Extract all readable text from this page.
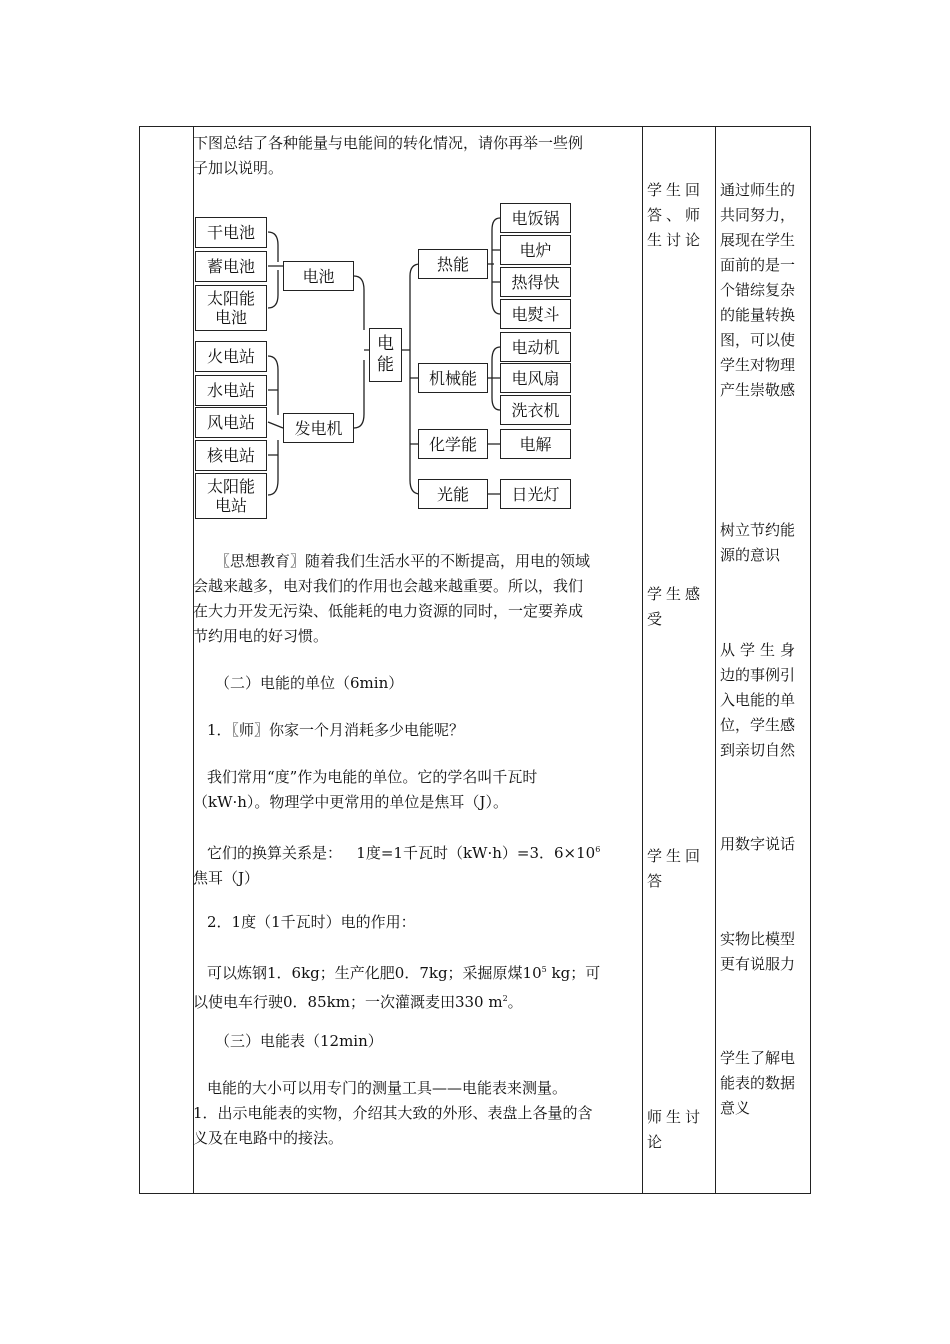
下图总结了各种能量与电能间的转化情况，请你再举一些例
子加以说明。
干电池
蓄电池
太阳能
电池
火电站
水电站
风电站
核电站
太阳能
电站
电池
发电机
电
能
热能
机械能
化学能
光能
电饭锅
电炉
热得快
电熨斗
电动机
电风扇
洗衣机
电解
日光灯
〖思想教育〗随着我们生活水平的不断提高，用电的领域
会越来越多，电对我们的作用也会越来越重要。所以，我们
在大力开发无污染、低能耗的电力资源的同时，一定要养成
节约用电的好习惯。
（二）电能的单位（6min）
1．〖师〗你家一个月消耗多少电能呢？
我们常用“度”作为电能的单位。它的学名叫千瓦时
（kW·h）。物理学中更常用的单位是焦耳（J）。
它们的换算关系是：   1度=1千瓦时（kW·h）=3．$6\times 10^6$
焦耳（J）
2．1度（1千瓦时）电的作用：
可以炼钢1．6kg；生产化肥0．7kg；采掘原煤$10^5$ kg；可
以使电车行驶0．85km；一次灌溉麦田330 $m^2$。
（三）电能表（12min）
电能的大小可以用专门的测量工具——电能表来测量。
1．出示电能表的实物，介绍其大致的外形、表盘上各量的含
义及在电路中的接法。
学生回
答、师
生讨论
学生感
受
学生回
答
师生讨
论
通过师生的
共同努力，
展现在学生
面前的是一
个错综复杂
的能量转换
图，可以使
学生对物理
产生崇敬感
树立节约能
源的意识
从学生身
边的事例引
入电能的单
位，学生感
到亲切自然
用数字说话
实物比模型
更有说服力
学生了解电
能表的数据
意义
